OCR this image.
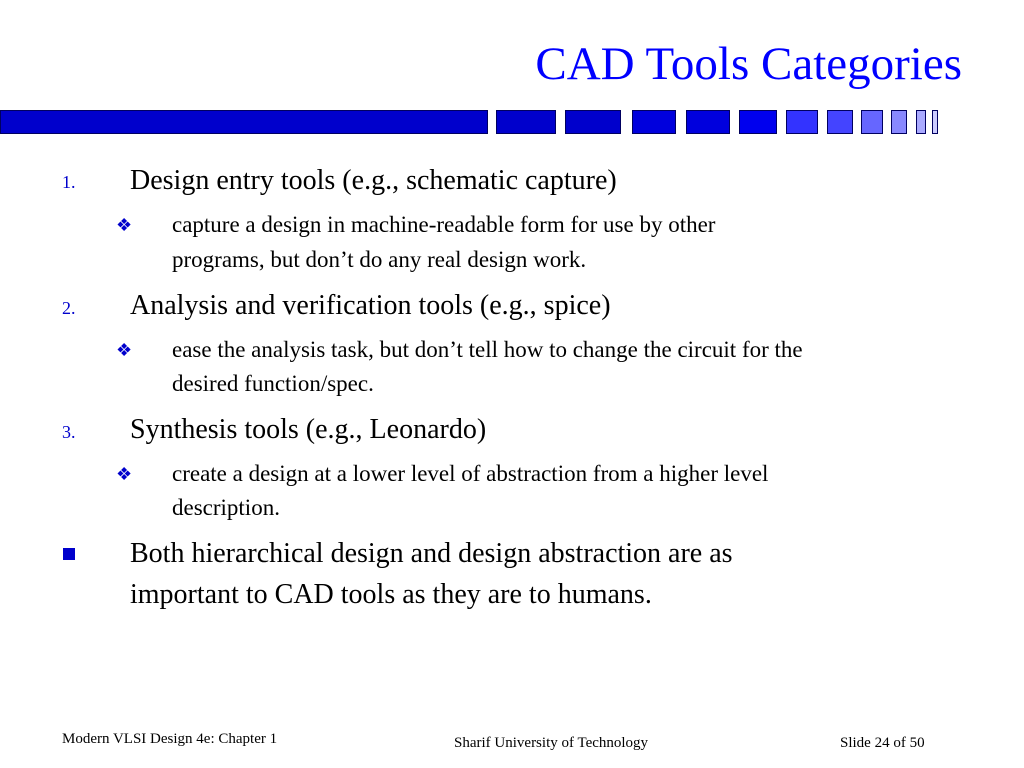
CAD Tools Categories
1. Design entry tools (e.g., schematic capture)
❖ capture a design in machine-readable form for use by other
programs, but don’t do any real design work.
2. Analysis and verification tools (e.g., spice)
❖ ease the analysis task, but don’t tell how to change the circuit for the
desired function/spec.
3. Synthesis tools (e.g., Leonardo)
❖ create a design at a lower level of abstraction from a higher level
description.
Both hierarchical design and design abstraction are as
important to CAD tools as they are to humans.
Modern VLSI Design 4e: Chapter 1	Sharif University of Technology	Slide 24 of 50
